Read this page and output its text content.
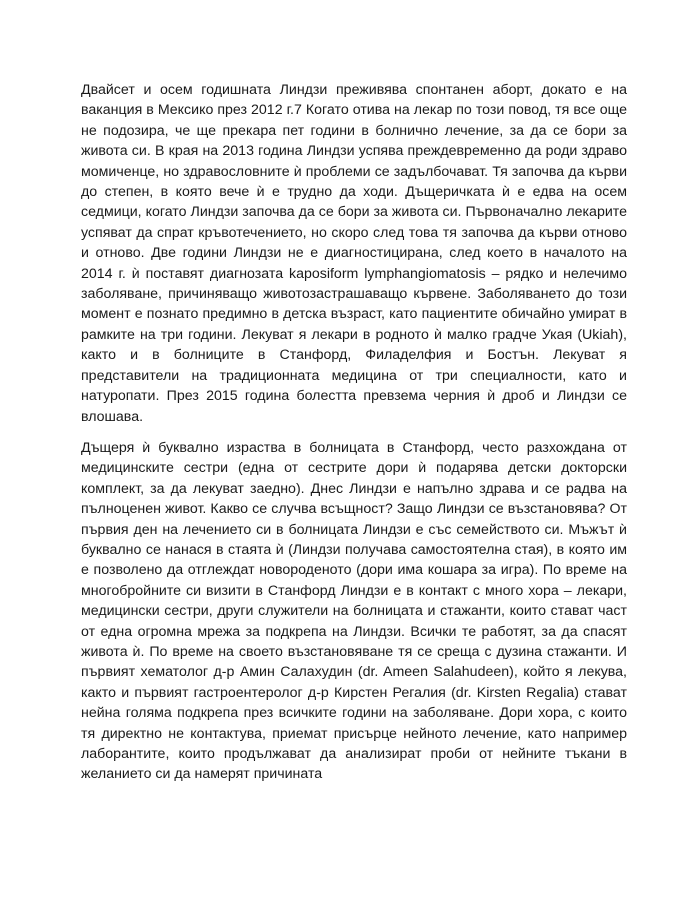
Двайсет и осем годишната Линдзи преживява спонтанен аборт, докато е на ваканция в Мексико през 2012 г.7 Когато отива на лекар по този повод, тя все още не подозира, че ще прекара пет години в болнично лечение, за да се бори за живота си. В края на 2013 година Линдзи успява преждевременно да роди здраво момиченце, но здравословните ѝ проблеми се задълбочават. Тя започва да кърви до степен, в която вече ѝ е трудно да ходи. Дъщеричката ѝ е едва на осем седмици, когато Линдзи започва да се бори за живота си. Първоначално лекарите успяват да спрат кръвотечението, но скоро след това тя започва да кърви отново и отново. Две години Линдзи не е диагностицирана, след което в началото на 2014 г. ѝ поставят диагнозата kaposiform lymphangiomatosis – рядко и нелечимо заболяване, причиняващо животозастрашаващо кървене. Заболяването до този момент е познато предимно в детска възраст, като пациентите обичайно умират в рамките на три години. Лекуват я лекари в родното ѝ малко градче Укая (Ukiah), както и в болниците в Станфорд, Филаделфия и Бостън. Лекуват я представители на традиционната медицина от три специалности, като и натуропати. През 2015 година болестта превзема черния ѝ дроб и Линдзи се влошава.

Дъщеря ѝ буквално израства в болницата в Станфорд, често разхождана от медицинските сестри (една от сестрите дори ѝ подарява детски докторски комплект, за да лекуват заедно). Днес Линдзи е напълно здрава и се радва на пълноценен живот. Какво се случва всъщност? Защо Линдзи се възстановява? От първия ден на лечението си в болницата Линдзи е със семейството си. Мъжът ѝ буквално се нанася в стаята ѝ (Линдзи получава самостоятелна стая), в която им е позволено да отглеждат новороденото (дори има кошара за игра). По време на многобройните си визити в Станфорд Линдзи е в контакт с много хора – лекари, медицински сестри, други служители на болницата и стажанти, които стават част от една огромна мрежа за подкрепа на Линдзи. Всички те работят, за да спасят живота ѝ. По време на своето възстановяване тя се среща с дузина стажанти. И първият хематолог д-р Амин Салахудин (dr. Ameen Salahudeen), който я лекува, както и първият гастроентеролог д-р Кирстен Регалия (dr. Kirsten Regalia) стават нейна голяма подкрепа през всичките години на заболяване. Дори хора, с които тя директно не контактува, приемат присърце нейното лечение, като например лаборантите, които продължават да анализират проби от нейните тъкани в желанието си да намерят причината
